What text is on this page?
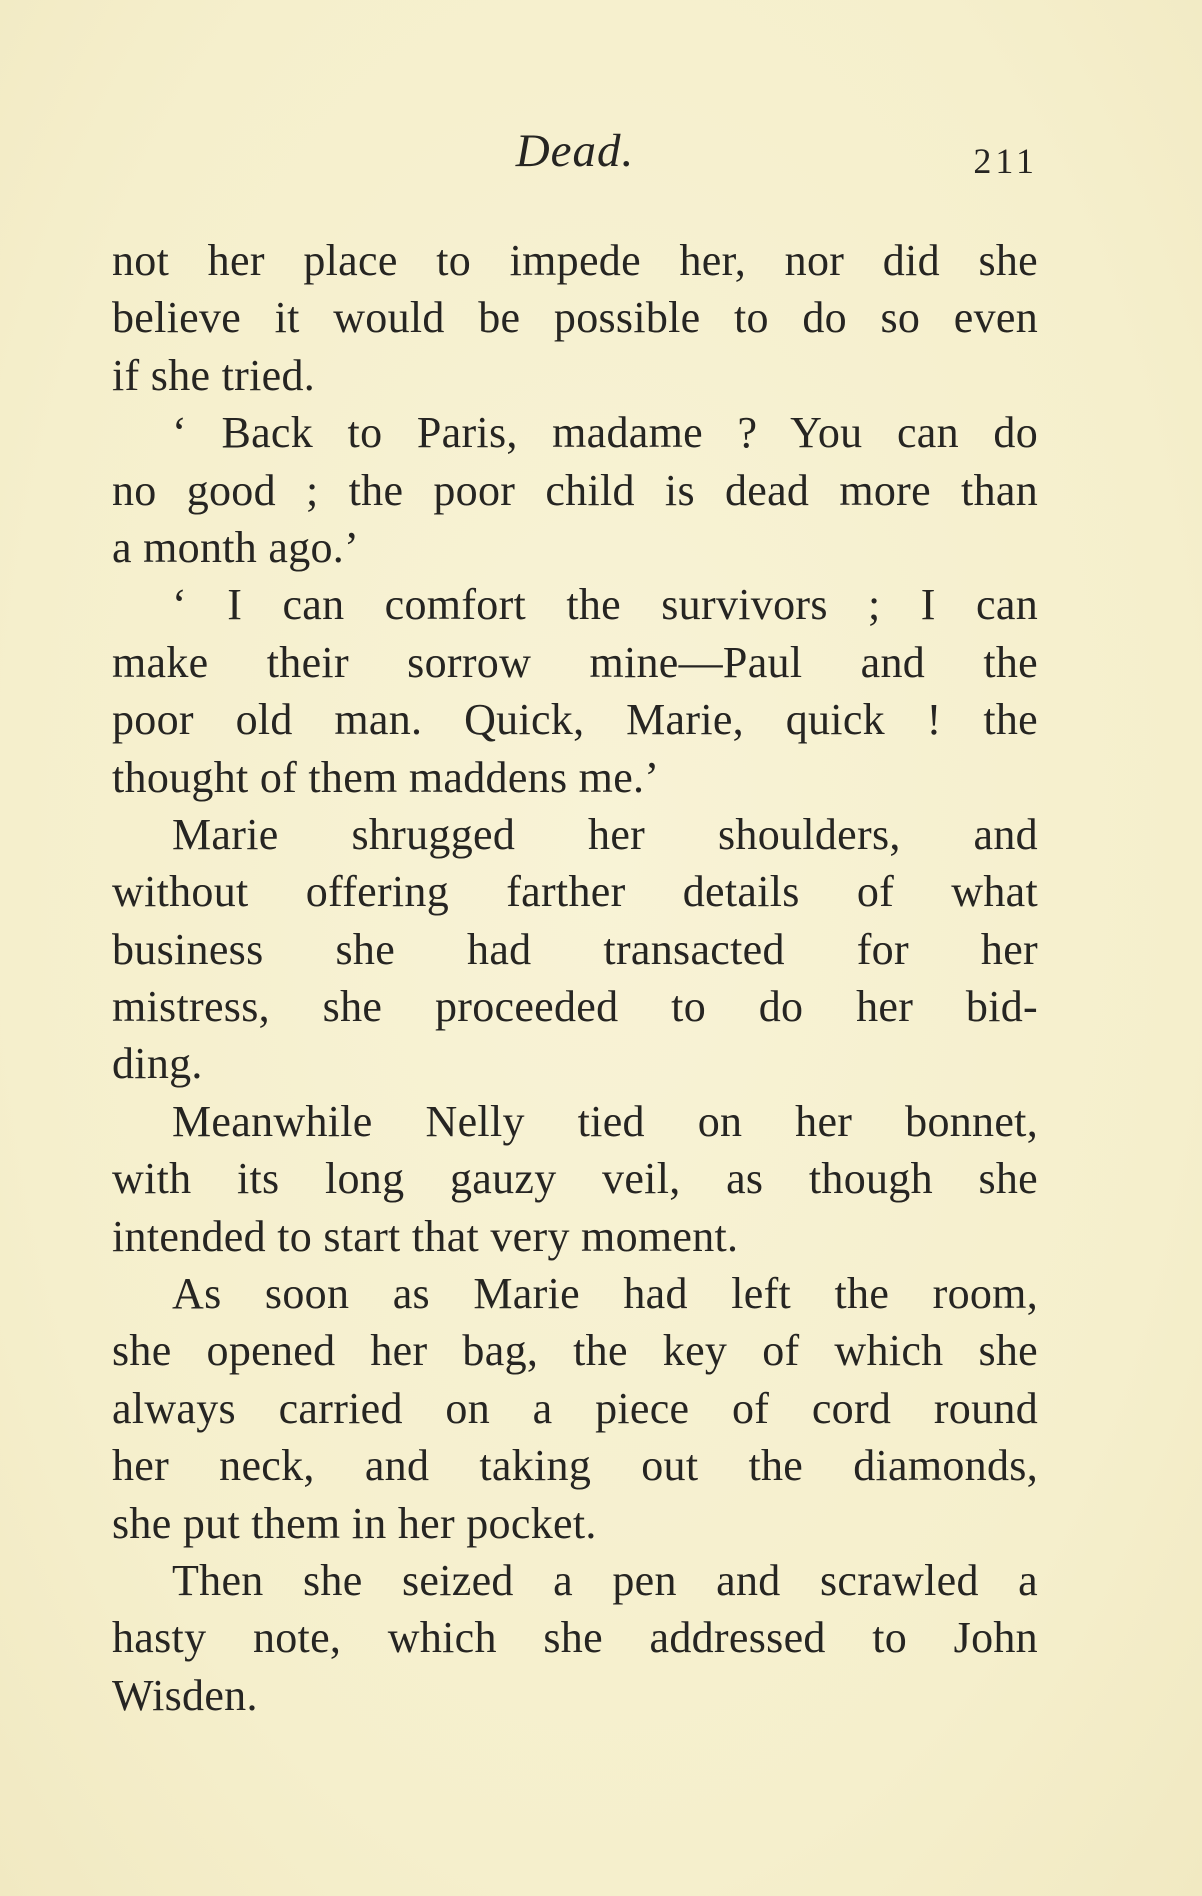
Dead.	211
not her place to impede her, nor did she
believe it would be possible to do so even
if she tried.
‘ Back to Paris, madame ? You can do
no good ; the poor child is dead more than
a month ago.’
‘ I can comfort the survivors ; I can
make their sorrow mine—Paul and the
poor old man. Quick, Marie, quick ! the
thought of them maddens me.’
Marie shrugged her shoulders, and
without offering farther details of what
business she had transacted for her
mistress, she proceeded to do her bid-
ding.
Meanwhile Nelly tied on her bonnet,
with its long gauzy veil, as though she
intended to start that very moment.
As soon as Marie had left the room,
she opened her bag, the key of which she
always carried on a piece of cord round
her neck, and taking out the diamonds,
she put them in her pocket.
Then she seized a pen and scrawled a
hasty note, which she addressed to John
Wisden.
